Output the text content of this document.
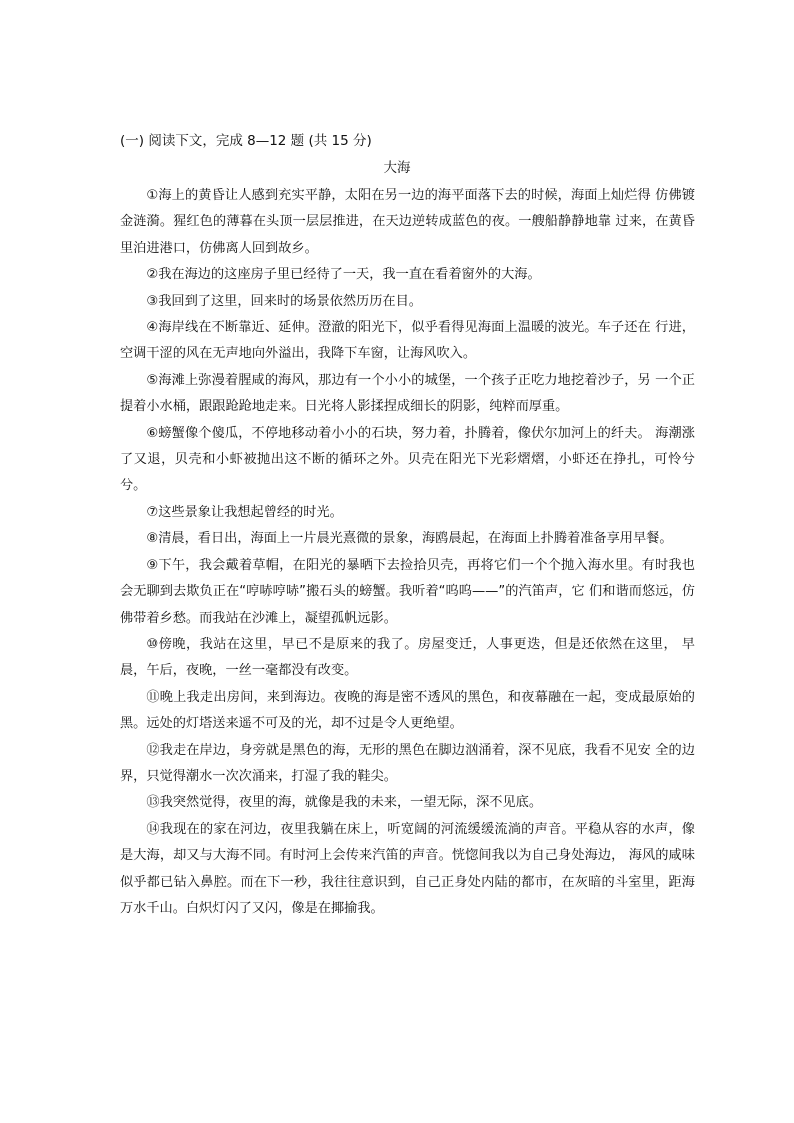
(一) 阅读下文，完成 8—12 题 (共 15 分)
大海

①海上的黄昏让人感到充实平静，太阳在另一边的海平面落下去的时候，海面上灿烂得 仿佛镀金涟漪。猩红色的薄暮在头顶一层层推进，在天边逆转成蓝色的夜。一艘船静静地靠 过来，在黄昏里泊进港口，仿佛离人回到故乡。

②我在海边的这座房子里已经待了一天，我一直在看着窗外的大海。

③我回到了这里，回来时的场景依然历历在目。

④海岸线在不断靠近、延伸。澄澈的阳光下，似乎看得见海面上温暖的波光。车子还在 行进，空调干涩的风在无声地向外溢出，我降下车窗，让海风吹入。

⑤海滩上弥漫着腥咸的海风，那边有一个小小的城堡，一个孩子正吃力地挖着沙子，另 一个正提着小水桶，跟跟跄跄地走来。日光将人影揉捏成细长的阴影，纯粹而厚重。

⑥螃蟹像个傻瓜，不停地移动着小小的石块，努力着，扑腾着，像伏尔加河上的纤夫。 海潮涨了又退，贝壳和小虾被抛出这不断的循环之外。贝壳在阳光下光彩熠熠，小虾还在挣扎，可怜兮兮。

⑦这些景象让我想起曾经的时光。

⑧清晨，看日出，海面上一片晨光熹微的景象，海鸥晨起，在海面上扑腾着准备享用早餐。

⑨下午，我会戴着草帽，在阳光的暴晒下去捡拾贝壳，再将它们一个个抛入海水里。有时我也会无聊到去欺负正在“哼哧哼哧”搬石头的螃蟹。我听着“呜呜——”的汽笛声，它 们和谐而悠远，仿佛带着乡愁。而我站在沙滩上，凝望孤帆远影。

⑩傍晚，我站在这里，早已不是原来的我了。房屋变迁，人事更迭，但是还依然在这里， 早晨，午后，夜晚，一丝一毫都没有改变。

⑪晚上我走出房间，来到海边。夜晚的海是密不透风的黑色，和夜幕融在一起，变成最原始的黑。远处的灯塔送来遥不可及的光，却不过是令人更绝望。

⑫我走在岸边，身旁就是黑色的海，无形的黑色在脚边汹涌着，深不见底，我看不见安 全的边界，只觉得潮水一次次涌来，打湿了我的鞋尖。

⑬我突然觉得，夜里的海，就像是我的未来，一望无际，深不见底。

⑭我现在的家在河边，夜里我躺在床上，听宽阔的河流缓缓流淌的声音。平稳从容的水声，像是大海，却又与大海不同。有时河上会传来汽笛的声音。恍惚间我以为自己身处海边， 海风的咸味似乎都已钻入鼻腔。而在下一秒，我往往意识到，自己正身处内陆的都市，在灰暗的斗室里，距海万水千山。白炽灯闪了又闪，像是在揶揄我。
